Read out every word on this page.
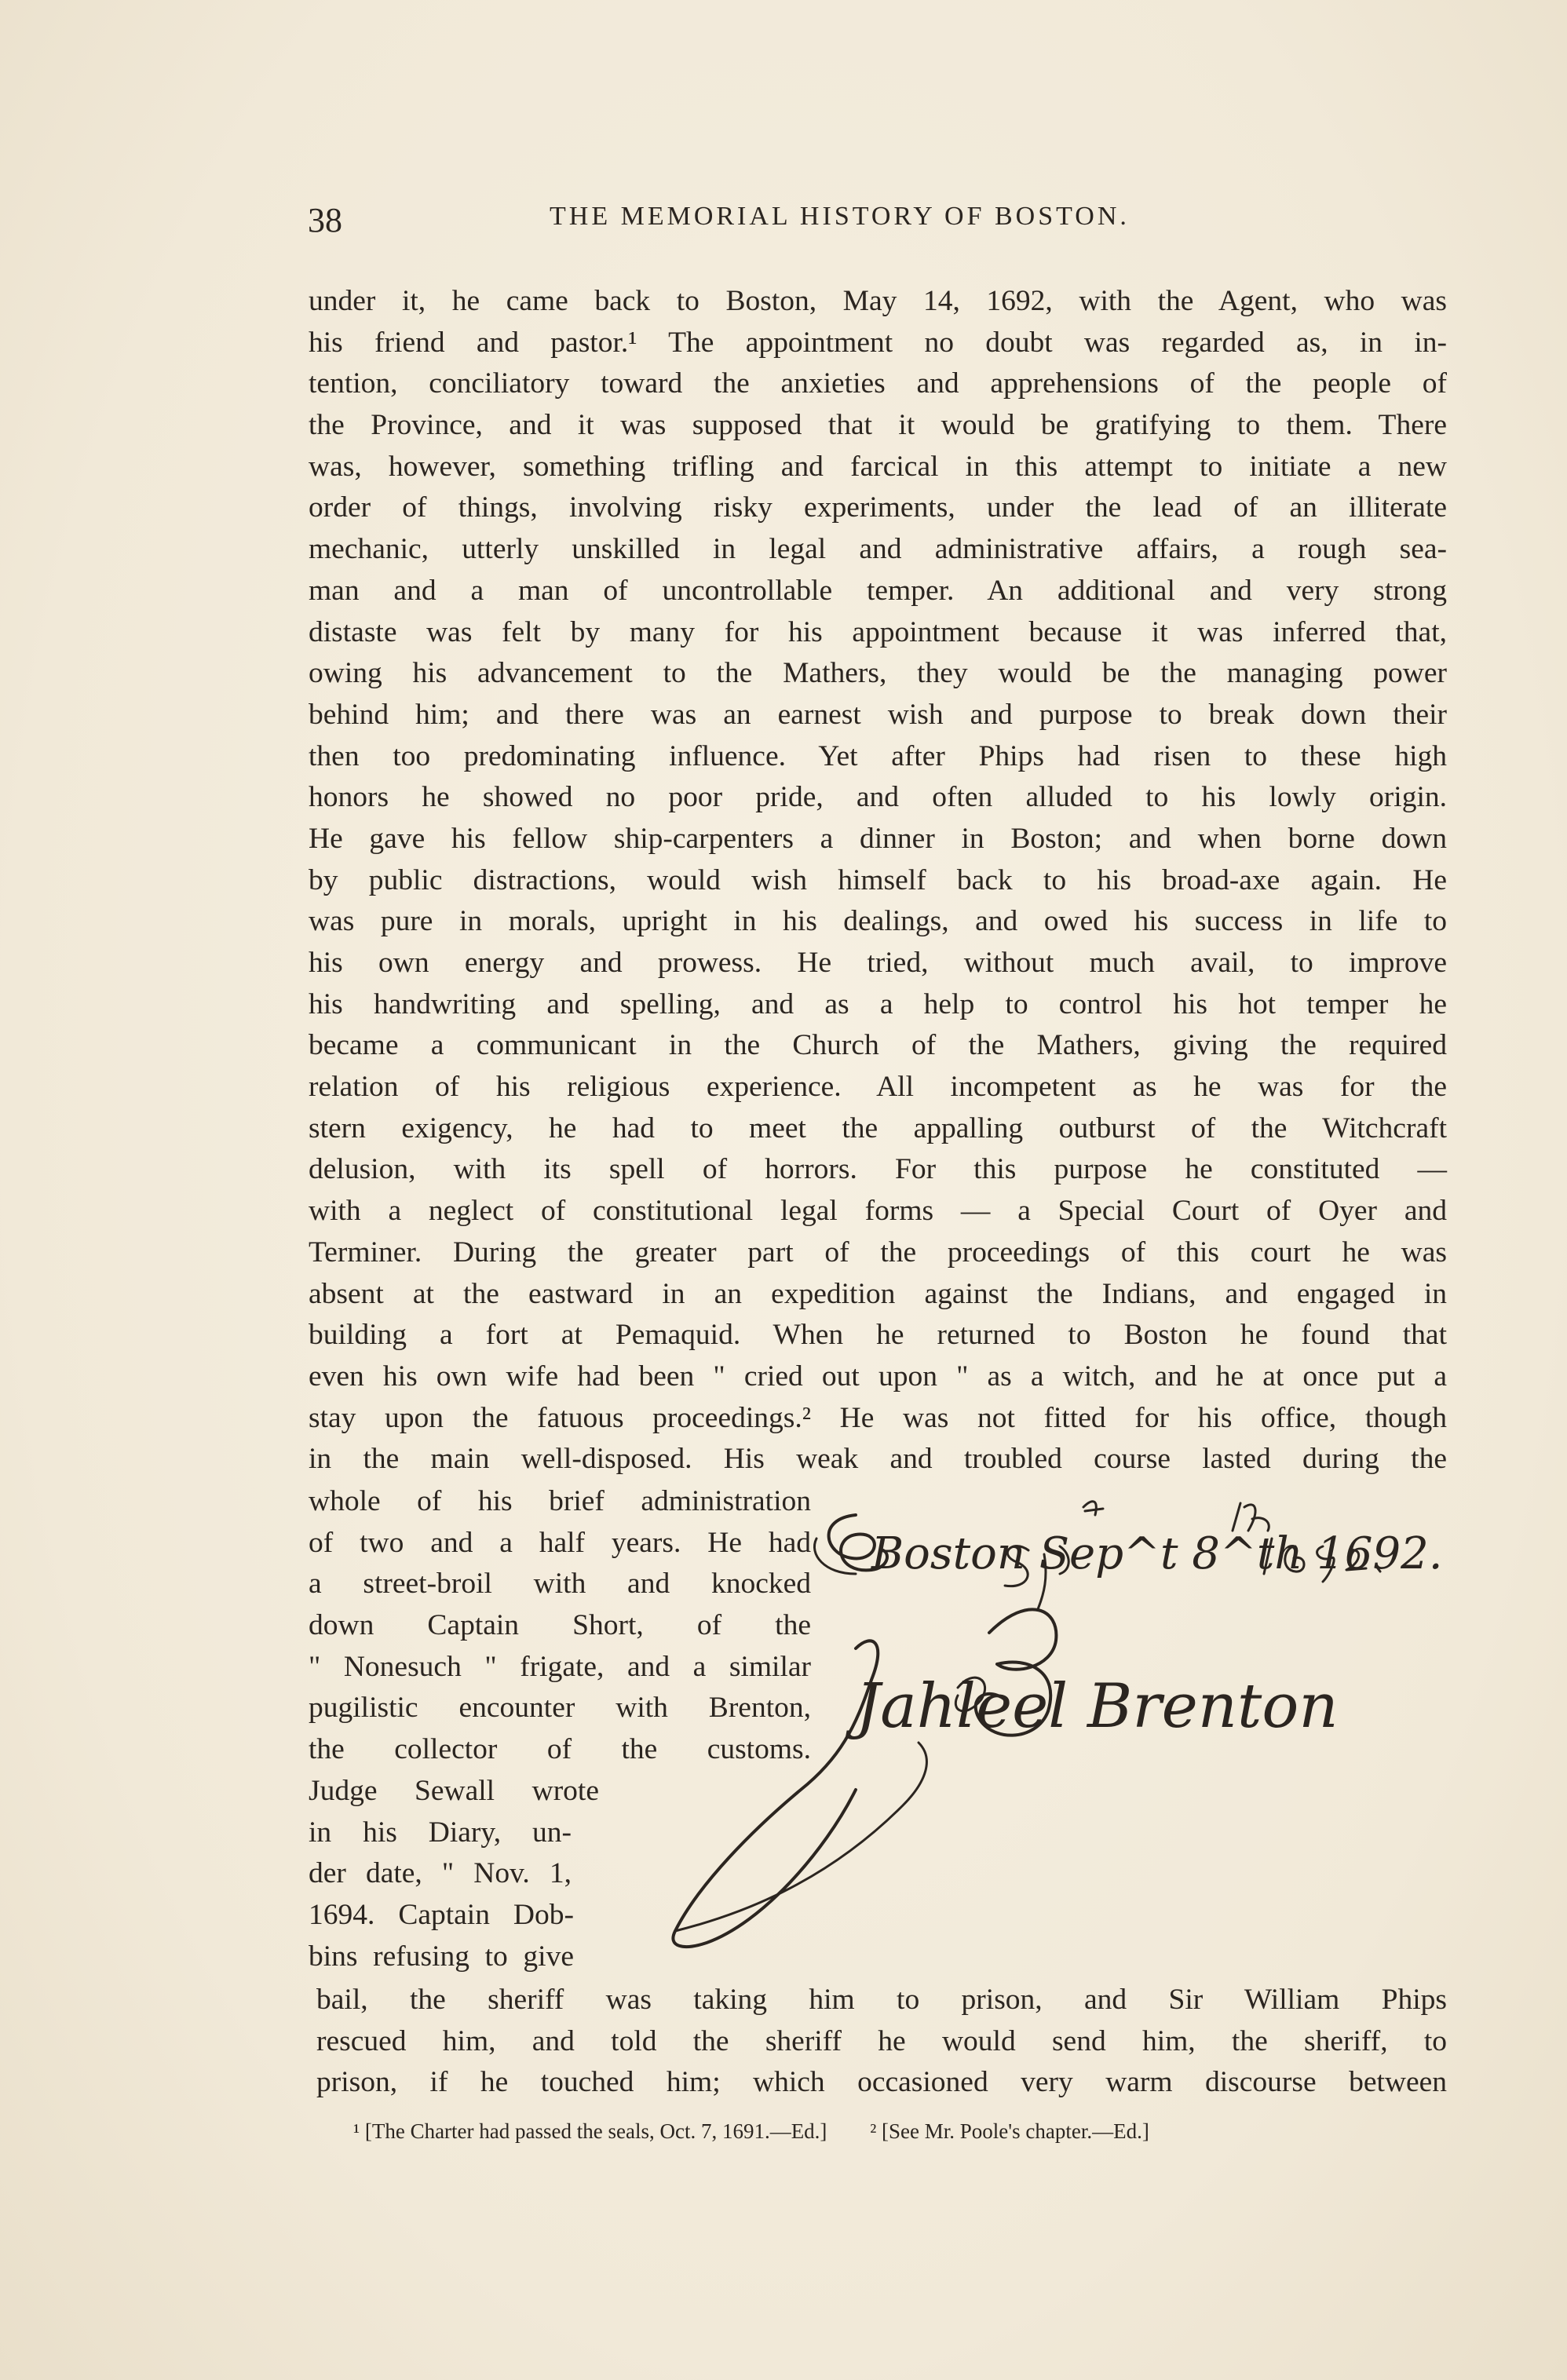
38	THE MEMORIAL HISTORY OF BOSTON.
under it, he came back to Boston, May 14, 1692, with the Agent, who was
his friend and pastor.¹ The appointment no doubt was regarded as, in in-
tention, conciliatory toward the anxieties and apprehensions of the people of
the Province, and it was supposed that it would be gratifying to them. There
was, however, something trifling and farcical in this attempt to initiate a new
order of things, involving risky experiments, under the lead of an illiterate
mechanic, utterly unskilled in legal and administrative affairs, a rough sea-
man and a man of uncontrollable temper. An additional and very strong
distaste was felt by many for his appointment because it was inferred that,
owing his advancement to the Mathers, they would be the managing power
behind him; and there was an earnest wish and purpose to break down their
then too predominating influence. Yet after Phips had risen to these high
honors he showed no poor pride, and often alluded to his lowly origin.
He gave his fellow ship-carpenters a dinner in Boston; and when borne down
by public distractions, would wish himself back to his broad-axe again. He
was pure in morals, upright in his dealings, and owed his success in life to
his own energy and prowess. He tried, without much avail, to improve
his handwriting and spelling, and as a help to control his hot temper he
became a communicant in the Church of the Mathers, giving the required
relation of his religious experience. All incompetent as he was for the
stern exigency, he had to meet the appalling outburst of the Witchcraft
delusion, with its spell of horrors. For this purpose he constituted —
with a neglect of constitutional legal forms — a Special Court of Oyer and
Terminer. During the greater part of the proceedings of this court he was
absent at the eastward in an expedition against the Indians, and engaged in
building a fort at Pemaquid. When he returned to Boston he found that
even his own wife had been " cried out upon " as a witch, and he at once put a
stay upon the fatuous proceedings.² He was not fitted for his office, though
in the main well-disposed. His weak and troubled course lasted during the
whole of his brief administration
of two and a half years. He had
a street-broil with and knocked
down Captain Short, of the
" Nonesuch " frigate, and a similar
pugilistic encounter with Brenton,
the collector of the customs.
Judge Sewall wrote
in his Diary, un-
der date, " Nov. 1,
1694. Captain Dob-
bins refusing to give
Boston Sep^t 8^th 1692.
Jahleel Brenton
bail, the sheriff was taking him to prison, and Sir William Phips
rescued him, and told the sheriff he would send him, the sheriff, to
prison, if he touched him; which occasioned very warm discourse between
¹ [The Charter had passed the seals, Oct. 7, 1691.—Ed.] ² [See Mr. Poole's chapter.—Ed.]
